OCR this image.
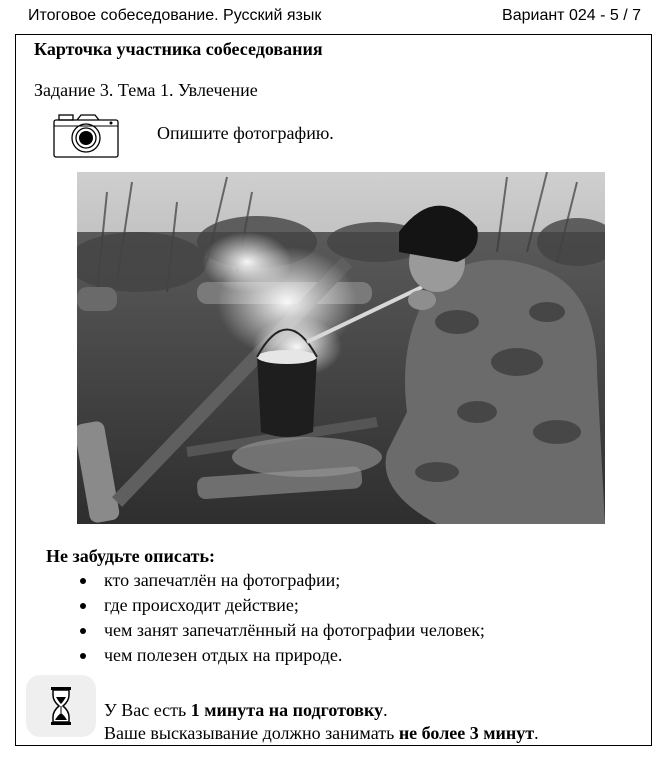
Итоговое собеседование. Русский язык	Вариант 024 - 5 / 7
Карточка участника собеседования
Задание 3. Тема 1. Увлечение
Опишите фотографию.
Не забудьте описать:
кто запечатлён на фотографии;
где происходит действие;
чем занят запечатлённый на фотографии человек;
чем полезен отдых на природе.
У Вас есть 1 минута на подготовку.
Ваше высказывание должно занимать не более 3 минут.
